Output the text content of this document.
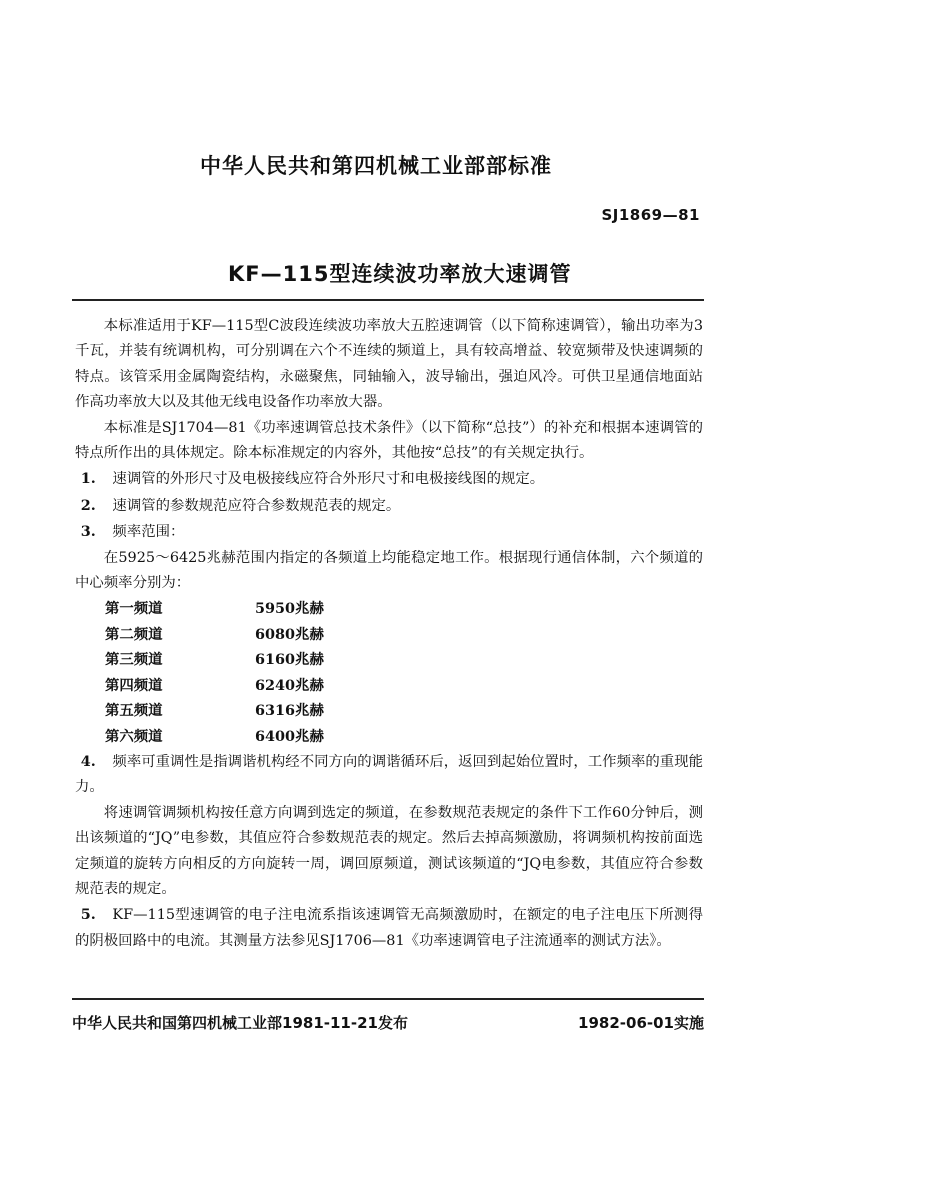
中华人民共和第四机械工业部部标准
SJ1869—81
KF—115型连续波功率放大速调管

本标准适用于KF—115型C波段连续波功率放大五腔速调管（以下简称速调管），输出功率为3千瓦，并装有统调机构，可分别调在六个不连续的频道上，具有较高增益、较宽频带及快速调频的特点。该管采用金属陶瓷结构，永磁聚焦，同轴输入，波导输出，强迫风冷。可供卫星通信地面站作高功率放大以及其他无线电设备作功率放大器。

本标准是SJ1704—81《功率速调管总技术条件》（以下简称“总技”）的补充和根据本速调管的特点所作出的具体规定。除本标准规定的内容外，其他按“总技”的有关规定执行。

1. 速调管的外形尺寸及电极接线应符合外形尺寸和电极接线图的规定。

2. 速调管的参数规范应符合参数规范表的规定。

3. 频率范围：

在5925～6425兆赫范围内指定的各频道上均能稳定地工作。根据现行通信体制，六个频道的中心频率分别为：

第一频道	5950兆赫
第二频道	6080兆赫
第三频道	6160兆赫
第四频道	6240兆赫
第五频道	6316兆赫
第六频道	6400兆赫

4. 频率可重调性是指调谐机构经不同方向的调谐循环后，返回到起始位置时，工作频率的重现能力。

将速调管调频机构按任意方向调到选定的频道，在参数规范表规定的条件下工作60分钟后，测出该频道的“JQ”电参数，其值应符合参数规范表的规定。然后去掉高频激励，将调频机构按前面选定频道的旋转方向相反的方向旋转一周，调回原频道，测试该频道的“JQ电参数，其值应符合参数规范表的规定。

5. KF—115型速调管的电子注电流系指该速调管无高频激励时，在额定的电子注电压下所测得的阴极回路中的电流。其测量方法参见SJ1706—81《功率速调管电子注流通率的测试方法》。

中华人民共和国第四机械工业部1981-11-21发布	1982-06-01实施
